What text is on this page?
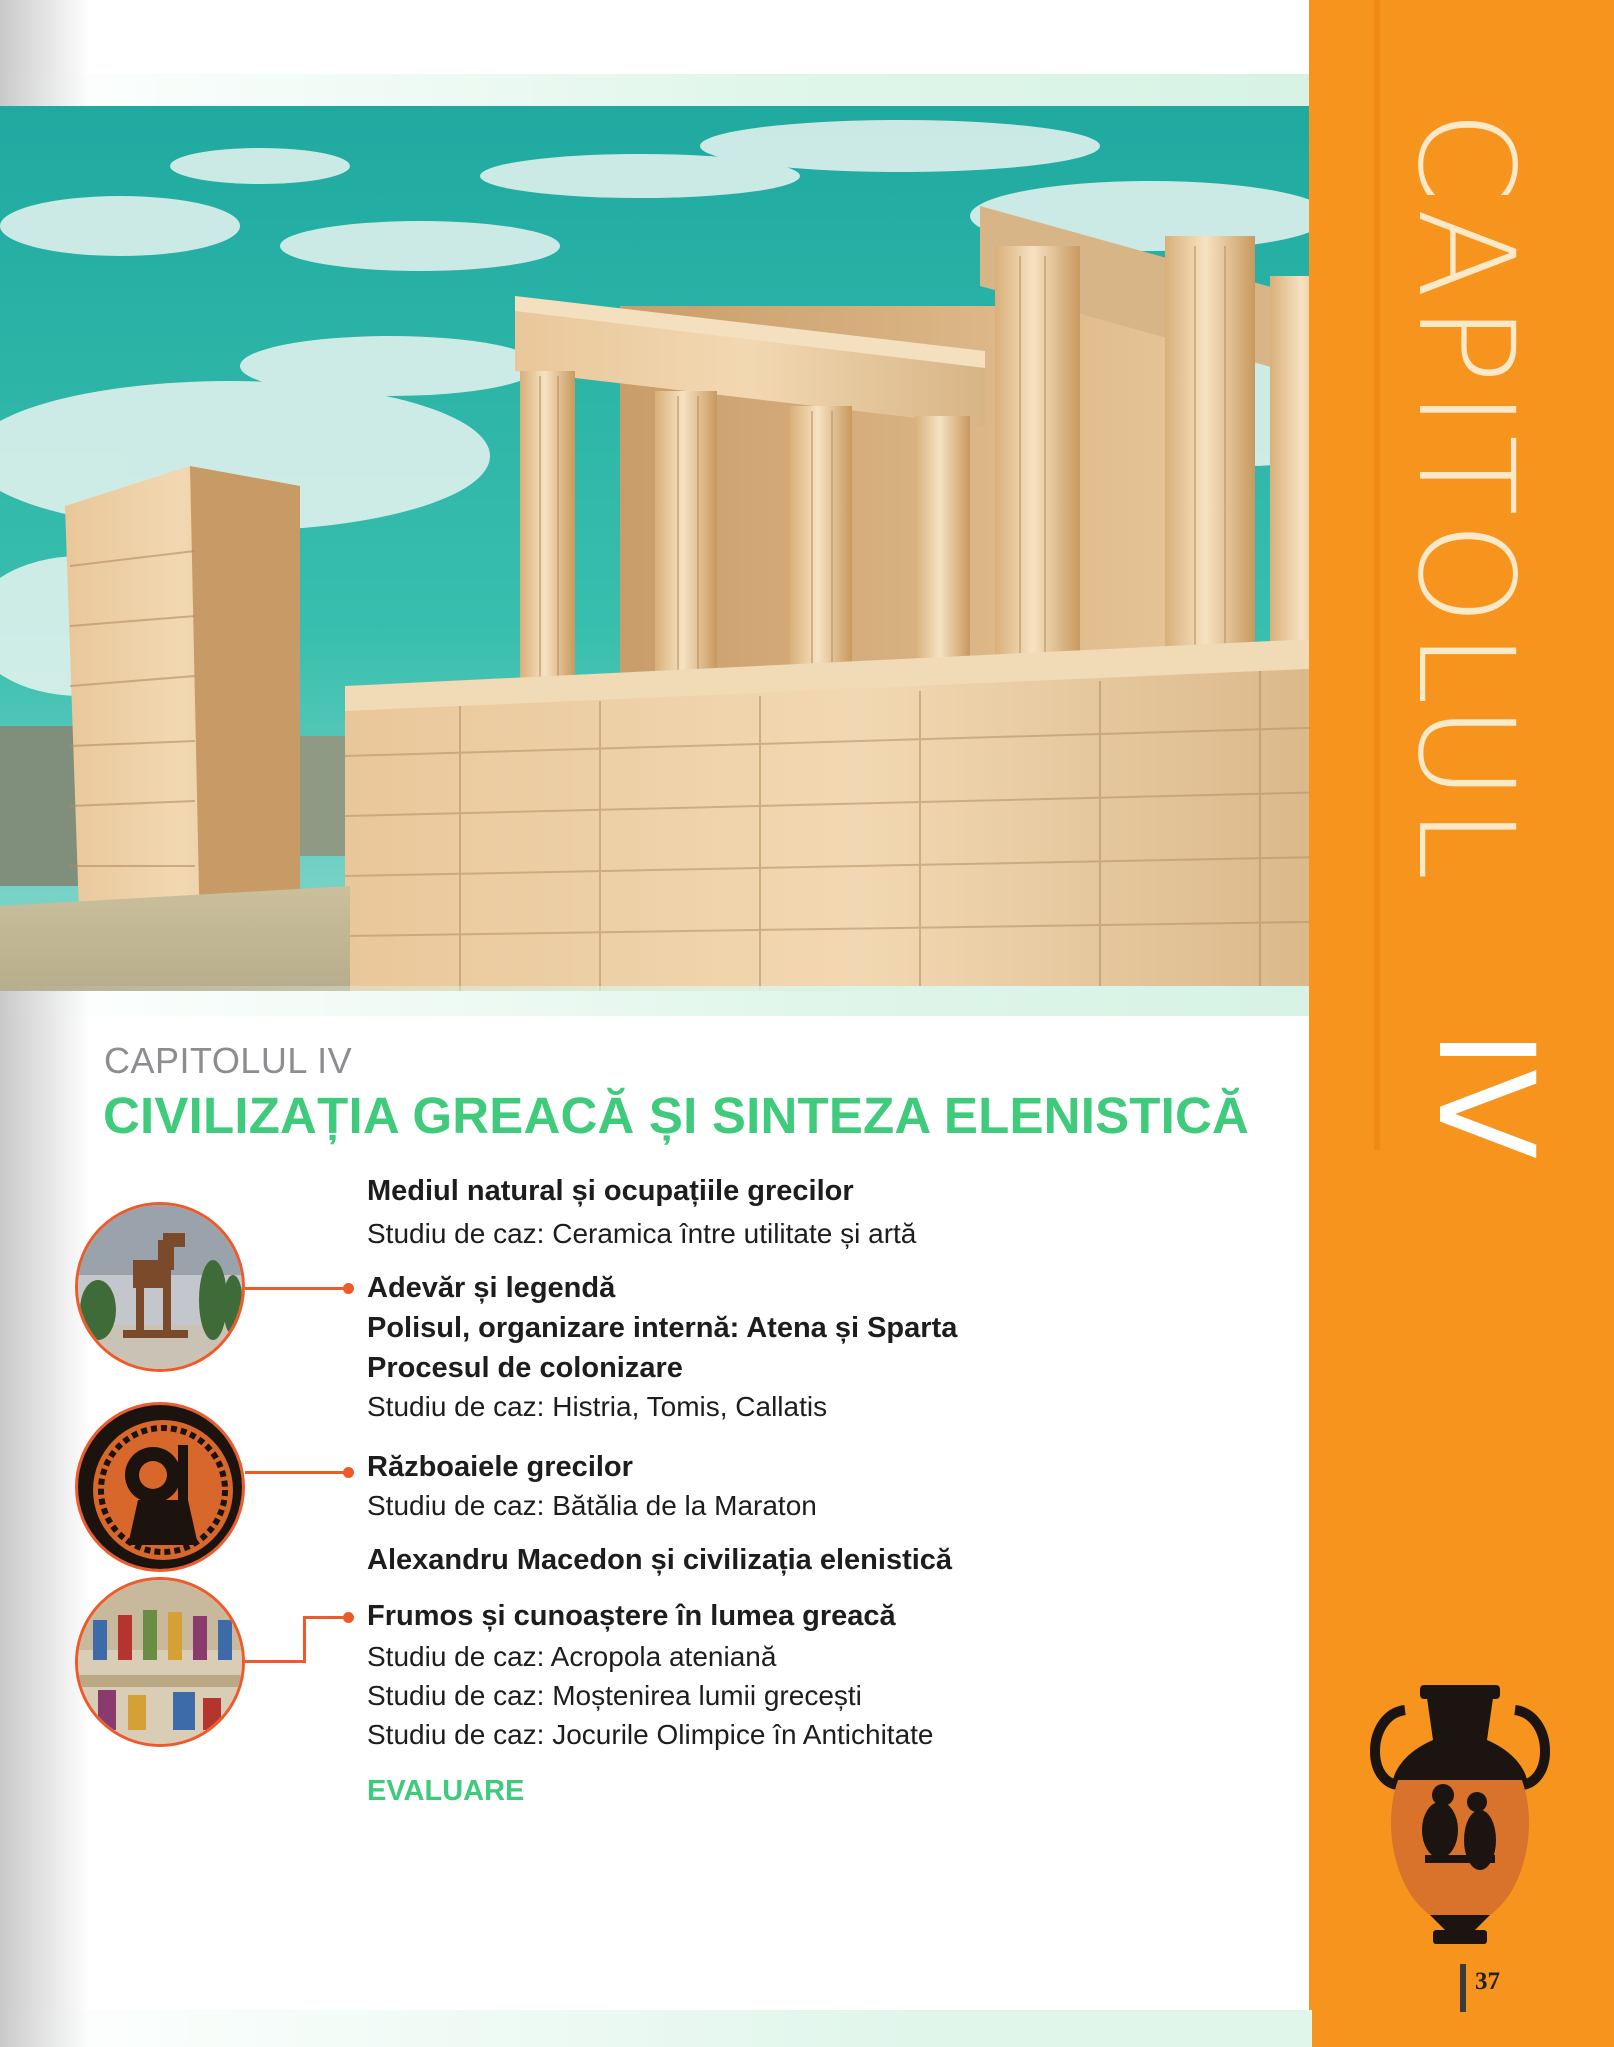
CAPITOLUL
IV
37
CAPITOLUL IV
CIVILIZAȚIA GREACĂ ȘI SINTEZA ELENISTICĂ
Mediul natural și ocupațiile grecilor
Studiu de caz: Ceramica între utilitate și artă
Adevăr și legendă
Polisul, organizare internă: Atena și Sparta
Procesul de colonizare
Studiu de caz: Histria, Tomis, Callatis
Războaiele grecilor
Studiu de caz: Bătălia de la Maraton
Alexandru Macedon și civilizația elenistică
Frumos și cunoaștere în lumea greacă
Studiu de caz: Acropola ateniană
Studiu de caz: Moștenirea lumii grecești
Studiu de caz: Jocurile Olimpice în Antichitate
EVALUARE
